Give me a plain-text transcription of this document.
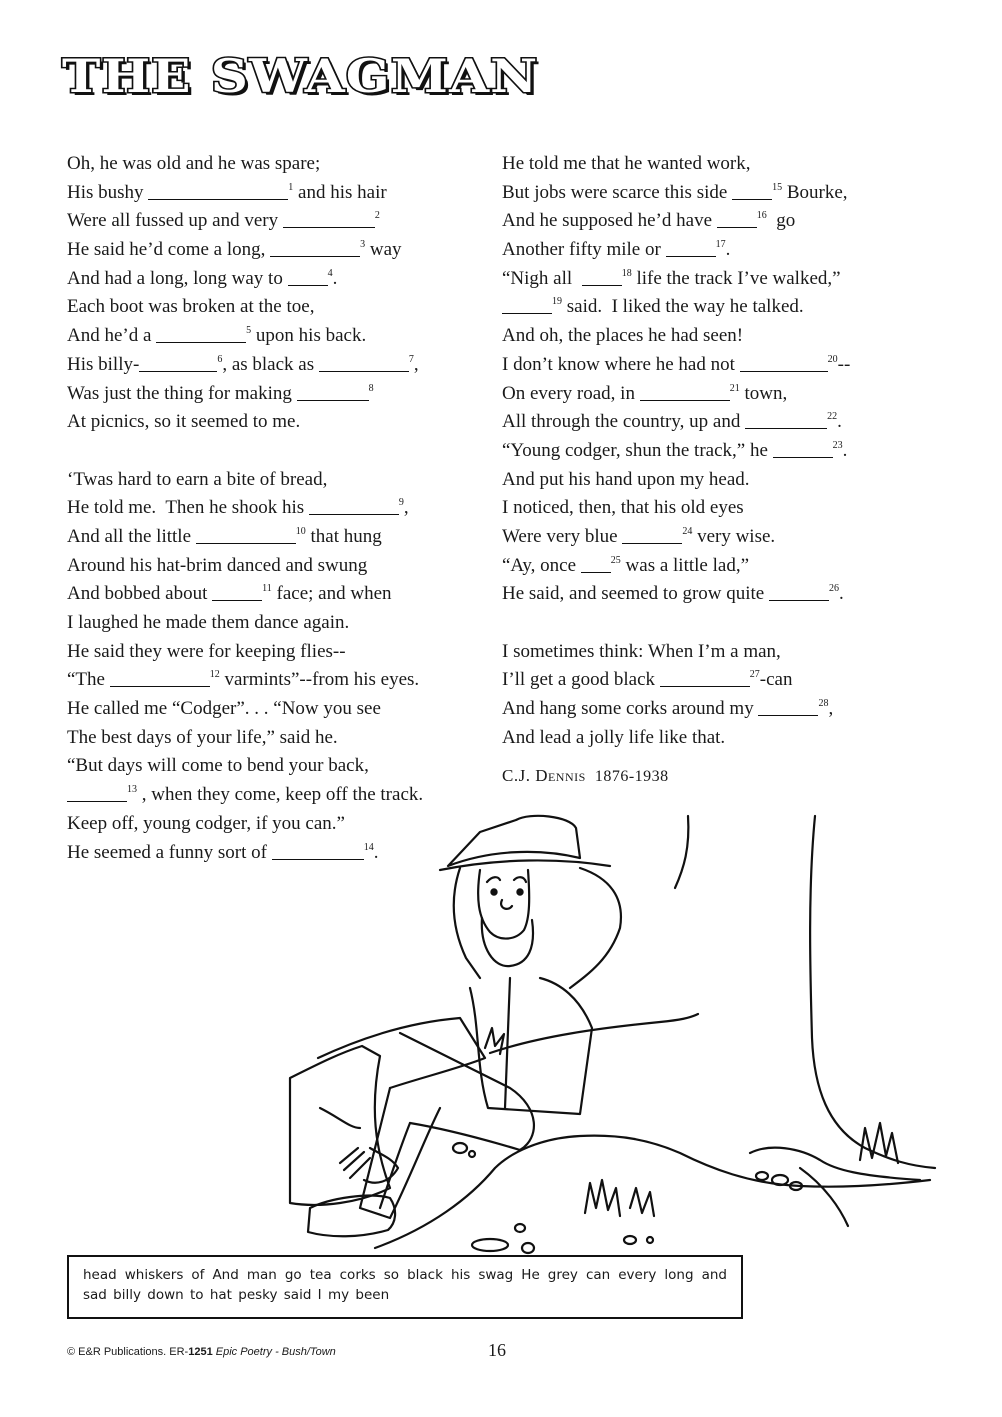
THE SWAGMAN
Oh, he was old and he was spare;
His bushy	$^1$ and his hair
Were all fussed up and very	$^2$
He said he’d come a long,	$^3$ way
And had a long, long way to	$^4$.
Each boot was broken at the toe,
And he’d a	$^5$ upon his back.
His billy-	$^6$, as black as	$^7$,
Was just the thing for making	$^8$
At picnics, so it seemed to me.
‘Twas hard to earn a bite of bread,
He told me.  Then he shook his	$^9$,
And all the little	$^{10}$ that hung
Around his hat-brim danced and swung
And bobbed about	$^{11}$ face; and when
I laughed he made them dance again.
He said they were for keeping flies--
“The	$^{12}$ varmints”--from his eyes.
He called me “Codger”. . . “Now you see
The best days of your life,” said he.
“But days will come to bend your back,
$^{13}$ , when they come, keep off the track.
Keep off, young codger, if you can.”
He seemed a funny sort of	$^{14}$.
He told me that he wanted work,
But jobs were scarce this side	$^{15}$ Bourke,
And he supposed he’d have	$^{16}$  go
Another fifty mile or	$^{17}$.
“Nigh all	$^{18}$ life the track I’ve walked,”
$^{19}$ said.  I liked the way he talked.
And oh, the places he had seen!
I don’t know where he had not	$^{20}$--
On every road, in	$^{21}$ town,
All through the country, up and	$^{22}$.
“Young codger, shun the track,” he	$^{23}$.
And put his hand upon my head.
I noticed, then, that his old eyes
Were very blue	$^{24}$ very wise.
“Ay, once	$^{25}$ was a little lad,”
He said, and seemed to grow quite	$^{26}$.
I sometimes think: When I’m a man,
I’ll get a good black	$^{27}$-can
And hang some corks around my	$^{28}$,
And lead a jolly life like that.
C.J. Dennis  1876-1938
head whiskers of And man go tea corks so black his swag He grey can every long and sad billy down to hat pesky said I my been
© E&R Publications. ER-1251 Epic Poetry - Bush/Town	16
